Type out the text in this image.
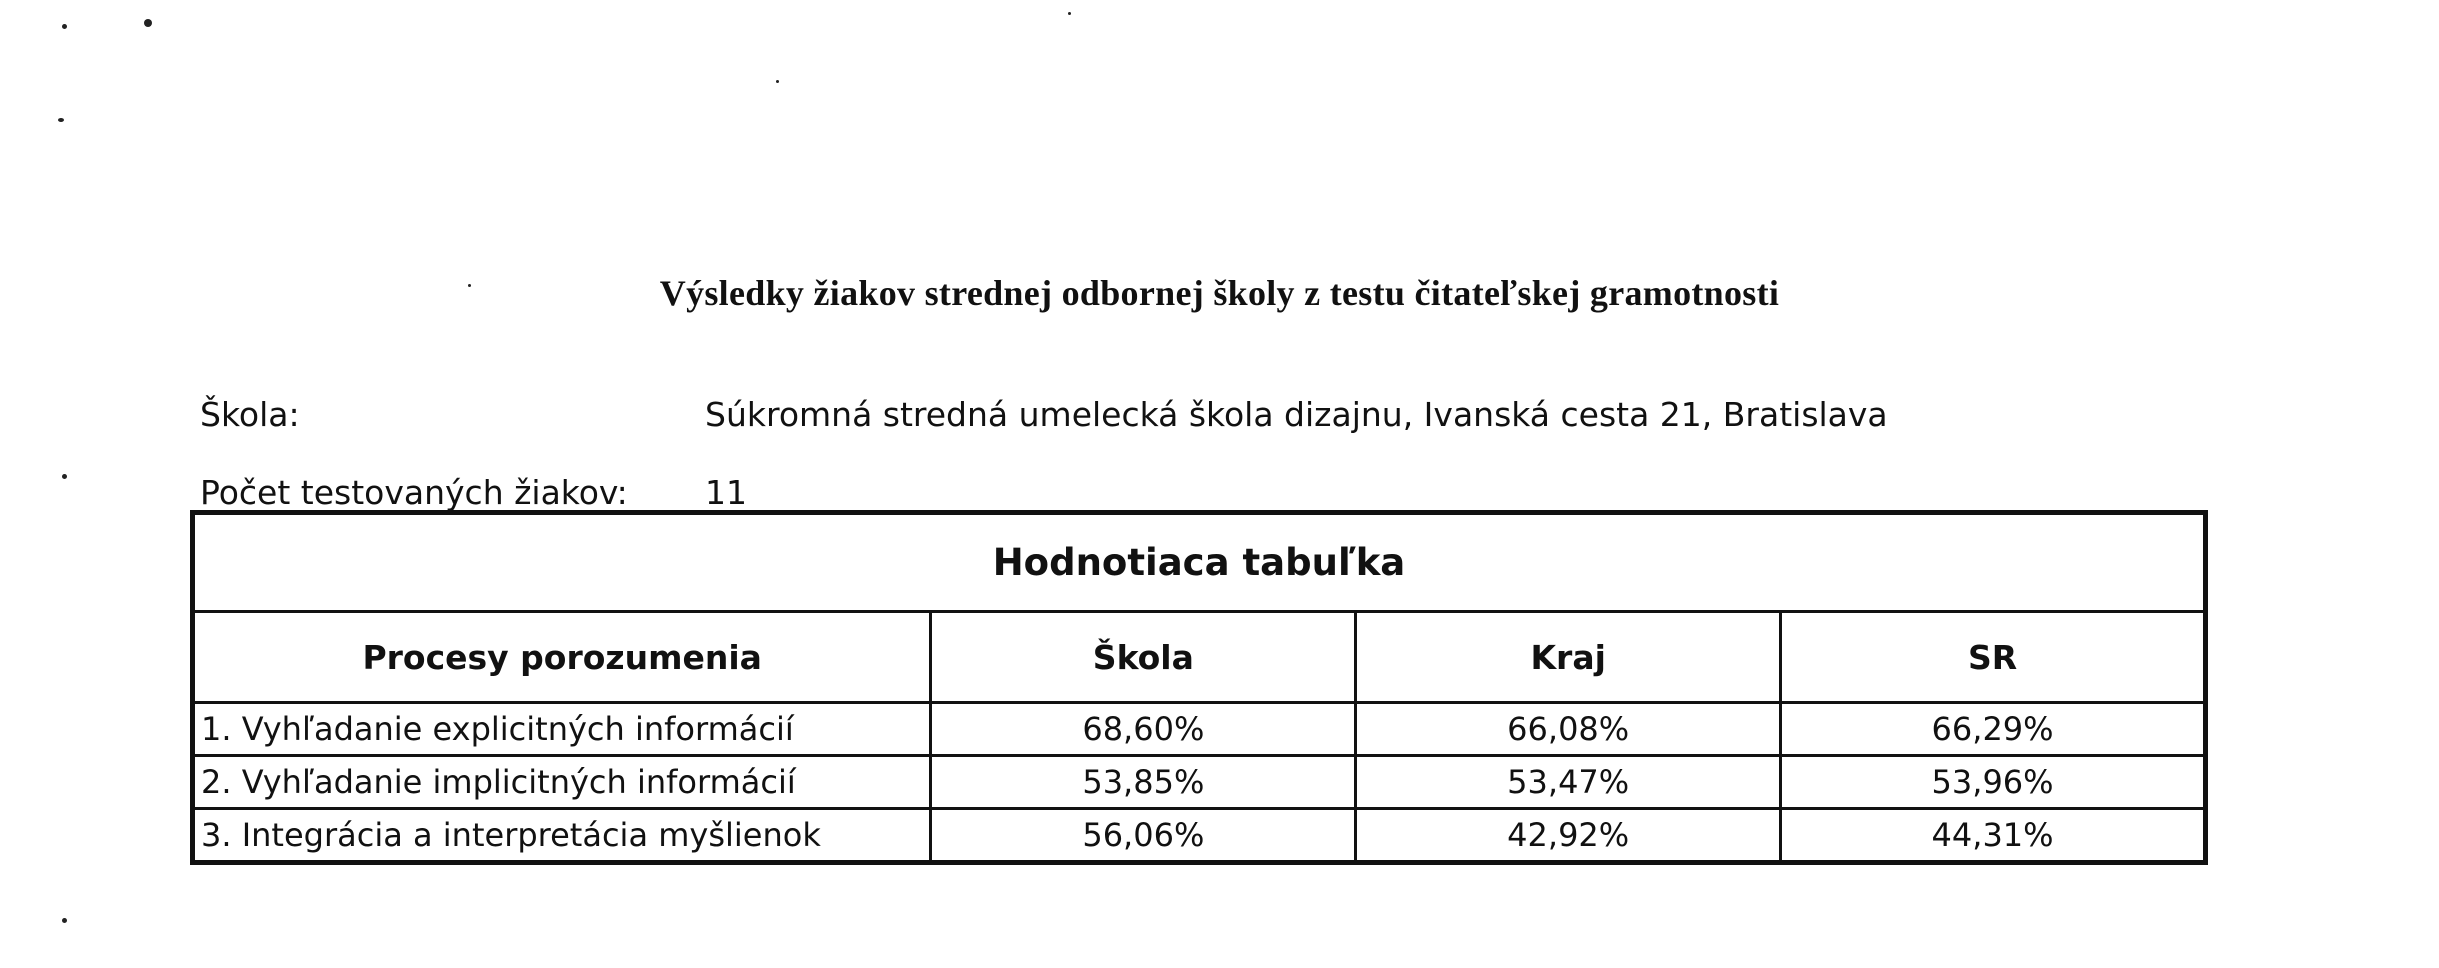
Výsledky žiakov strednej odbornej školy z testu čitateľskej gramotnosti
Škola:	Súkromná stredná umelecká škola dizajnu, Ivanská cesta 21, Bratislava
Počet testovaných žiakov: 11
Hodnotiaca tabuľka			
Procesy porozumenia	Škola	Kraj	SR
1. Vyhľadanie explicitných informácií	68,60%	66,08%	66,29%
2. Vyhľadanie implicitných informácií	53,85%	53,47%	53,96%
3. Integrácia a interpretácia myšlienok	56,06%	42,92%	44,31%
